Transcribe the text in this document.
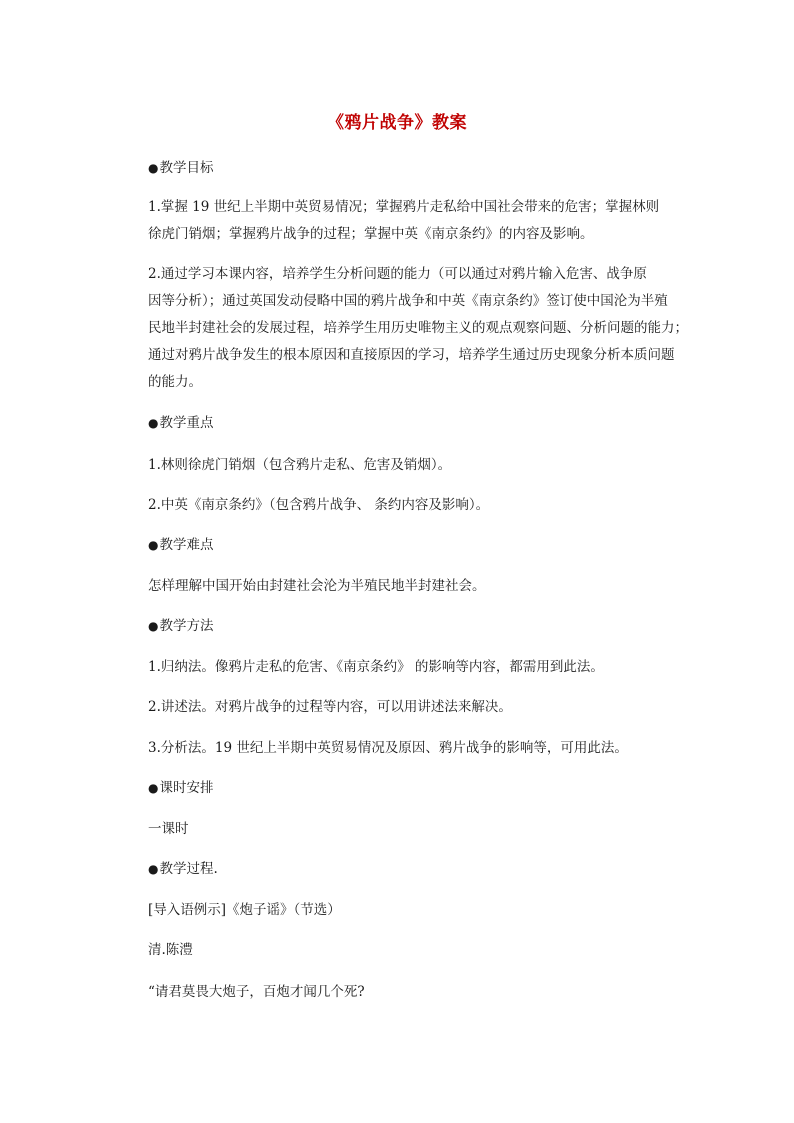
《鸦片战争》教案
● 教学目标
1.掌握 19 世纪上半期中英贸易情况；掌握鸦片走私给中国社会带来的危害；掌握林则
徐虎门销烟；掌握鸦片战争的过程；掌握中英《南京条约》的内容及影响。
2.通过学习本课内容，培养学生分析问题的能力（可以通过对鸦片输入危害、战争原
因等分析）；通过英国发动侵略中国的鸦片战争和中英《南京条约》签订使中国沦为半殖
民地半封建社会的发展过程，培养学生用历史唯物主义的观点观察问题、分析问题的能力；
通过对鸦片战争发生的根本原因和直接原因的学习，培养学生通过历史现象分析本质问题
的能力。
● 教学重点
1.林则徐虎门销烟（包含鸦片走私、危害及销烟）。
2.中英《南京条约》（包含鸦片战争、 条约内容及影响）。
● 教学难点
怎样理解中国开始由封建社会沦为半殖民地半封建社会。
● 教学方法
1.归纳法。像鸦片走私的危害、《南京条约》 的影响等内容，都需用到此法。
2.讲述法。对鸦片战争的过程等内容，可以用讲述法来解决。
3.分析法。19 世纪上半期中英贸易情况及原因、鸦片战争的影响等，可用此法。
● 课时安排
一课时
● 教学过程.
[导入语例示]《炮子谣》（节选）
清.陈澧
“请君莫畏大炮子，百炮才闻几个死?
